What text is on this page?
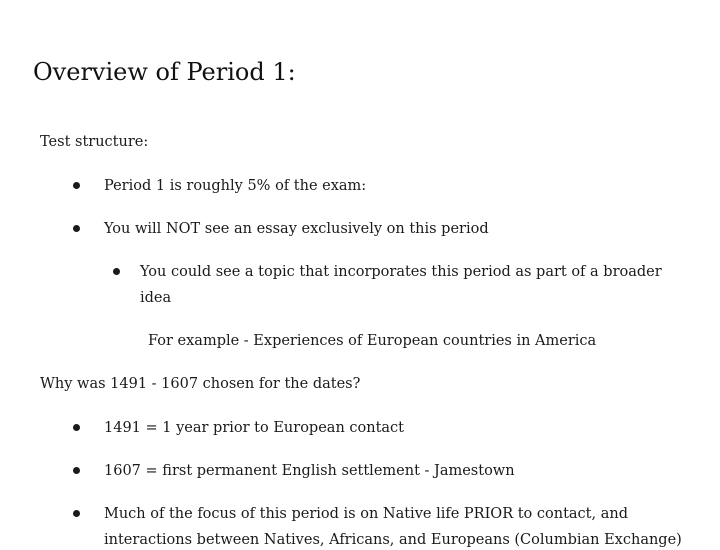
Overview of Period 1:
Test structure:
Period 1 is roughly 5% of the exam:
You will NOT see an essay exclusively on this period
You could see a topic that incorporates this period as part of a broader
idea
For example - Experiences of European countries in America
Why was 1491 - 1607 chosen for the dates?
1491 = 1 year prior to European contact
1607 = first permanent English settlement - Jamestown
Much of the focus of this period is on Native life PRIOR to contact, and
interactions between Natives, Africans, and Europeans (Columbian Exchange)
